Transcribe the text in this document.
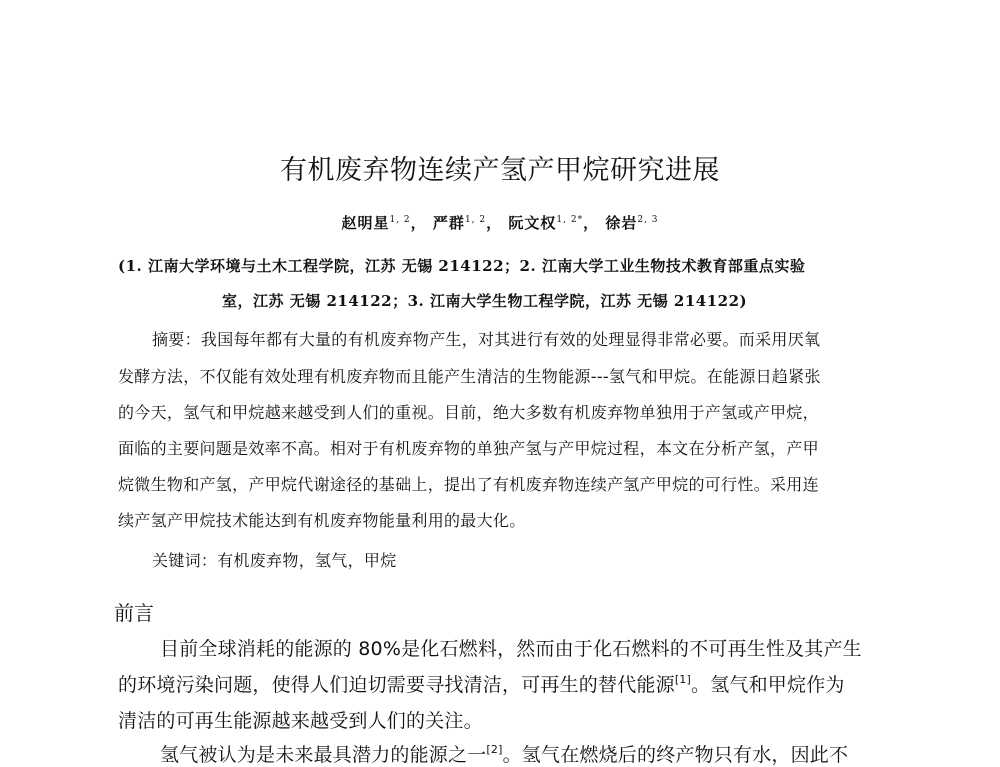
有机废弃物连续产氢产甲烷研究进展
赵明星$^{1, 2}$， 严群$^{1, 2}$， 阮文权$^{1, 2*}$， 徐岩$^{2, 3}$
(1. 江南大学环境与土木工程学院，江苏 无锡 214122；2. 江南大学工业生物技术教育部重点实验
室，江苏 无锡 214122；3. 江南大学生物工程学院，江苏 无锡 214122)
摘要：我国每年都有大量的有机废弃物产生，对其进行有效的处理显得非常必要。而采用厌氧
发酵方法，不仅能有效处理有机废弃物而且能产生清洁的生物能源---氢气和甲烷。在能源日趋紧张
的今天，氢气和甲烷越来越受到人们的重视。目前，绝大多数有机废弃物单独用于产氢或产甲烷，
面临的主要问题是效率不高。相对于有机废弃物的单独产氢与产甲烷过程，本文在分析产氢，产甲
烷微生物和产氢，产甲烷代谢途径的基础上，提出了有机废弃物连续产氢产甲烷的可行性。采用连
续产氢产甲烷技术能达到有机废弃物能量利用的最大化。
关键词：有机废弃物，氢气，甲烷
前言
目前全球消耗的能源的 80%是化石燃料，然而由于化石燃料的不可再生性及其产生
的环境污染问题，使得人们迫切需要寻找清洁，可再生的替代能源[1]。氢气和甲烷作为
清洁的可再生能源越来越受到人们的关注。
氢气被认为是未来最具潜力的能源之一[2]。氢气在燃烧后的终产物只有水，因此不
